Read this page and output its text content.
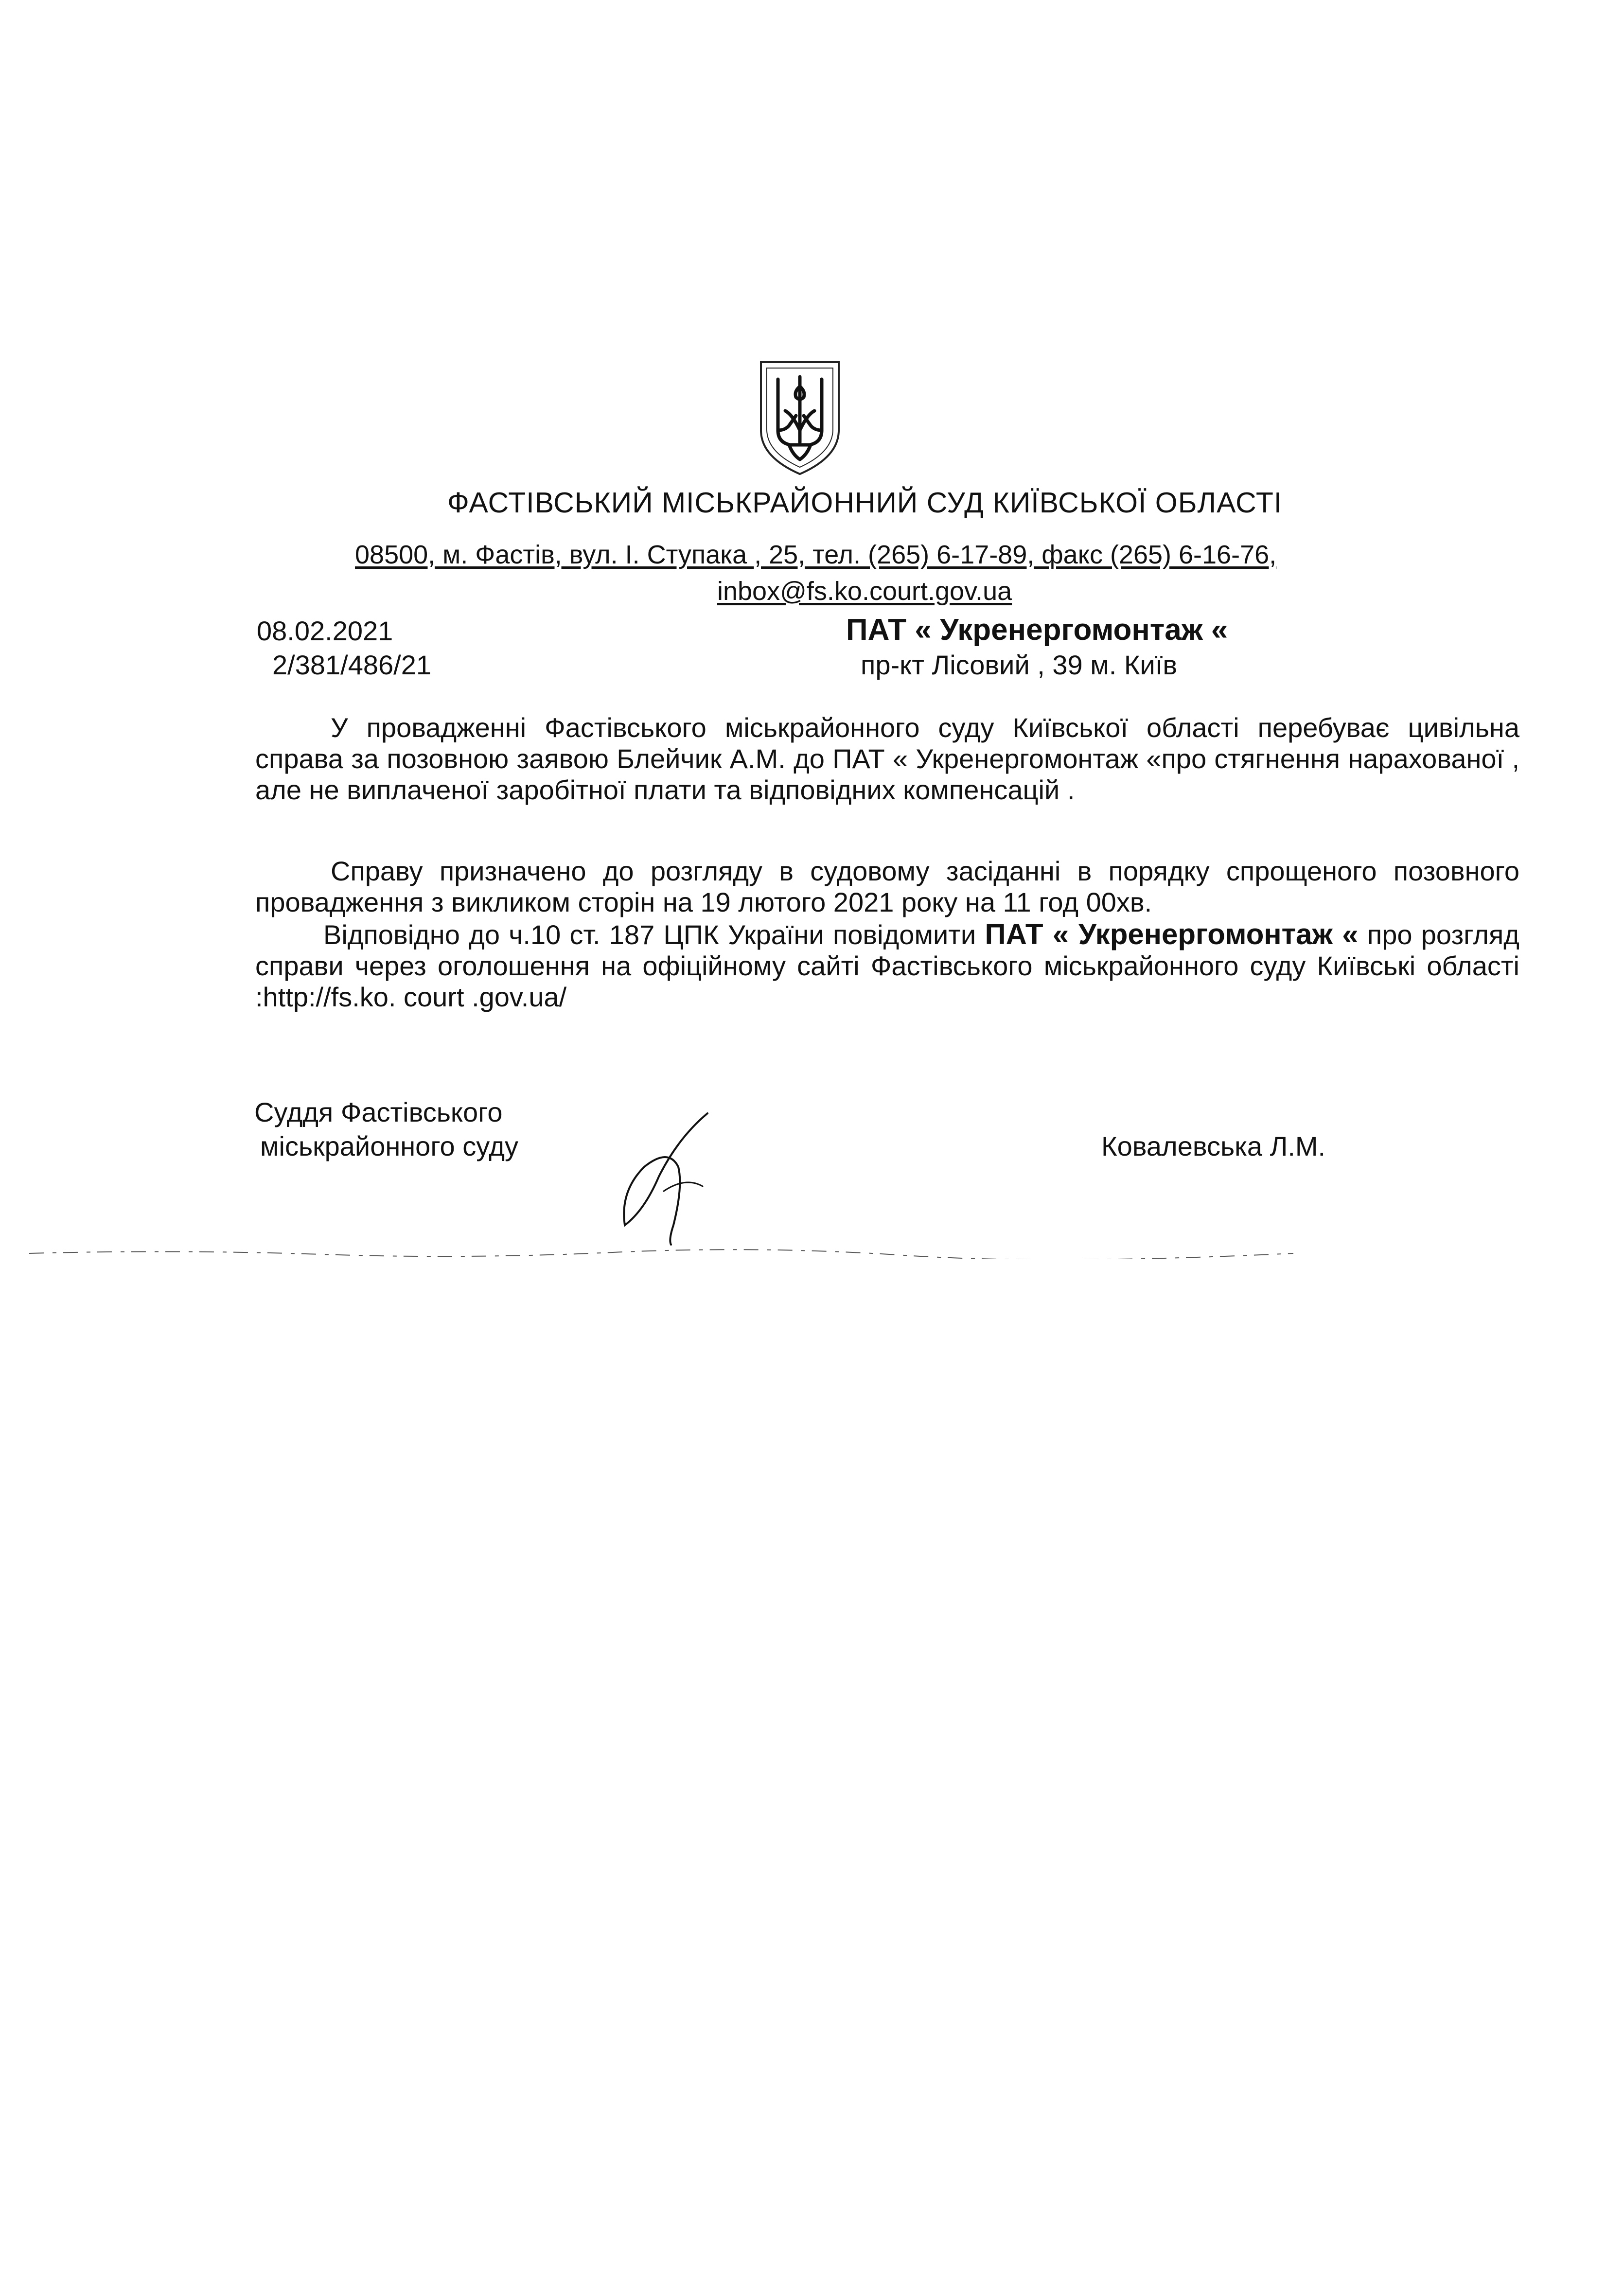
ФАСТІВСЬКИЙ МІСЬКРАЙОННИЙ СУД КИЇВСЬКОЇ ОБЛАСТІ
08500, м. Фастів, вул. І. Ступака , 25, тел. (265) 6-17-89, факс (265) 6-16-76,
inbox@fs.ko.court.gov.ua
08.02.2021
2/381/486/21
ПАТ « Укренергомонтаж «
пр-кт Лісовий , 39 м. Київ
У провадженні Фастівського міськрайонного суду Київської області перебуває цивільна справа за позовною заявою Блейчик А.М. до ПАТ « Укренергомонтаж «про стягнення нарахованої , але не виплаченої заробітної плати та відповідних компенсацій .
Справу призначено до розгляду в судовому засіданні в порядку спрощеного позовного провадження з викликом сторін на 19 лютого 2021 року на 11 год 00хв.
Відповідно до ч.10 ст. 187 ЦПК України повідомити ПАТ « Укренергомонтаж « про розгляд справи через оголошення на офіційному сайті Фастівського міськрайонного суду Київські області :http://fs.ko. court .gov.ua/
Суддя Фастівського
міськрайонного суду	Ковалевська Л.М.
